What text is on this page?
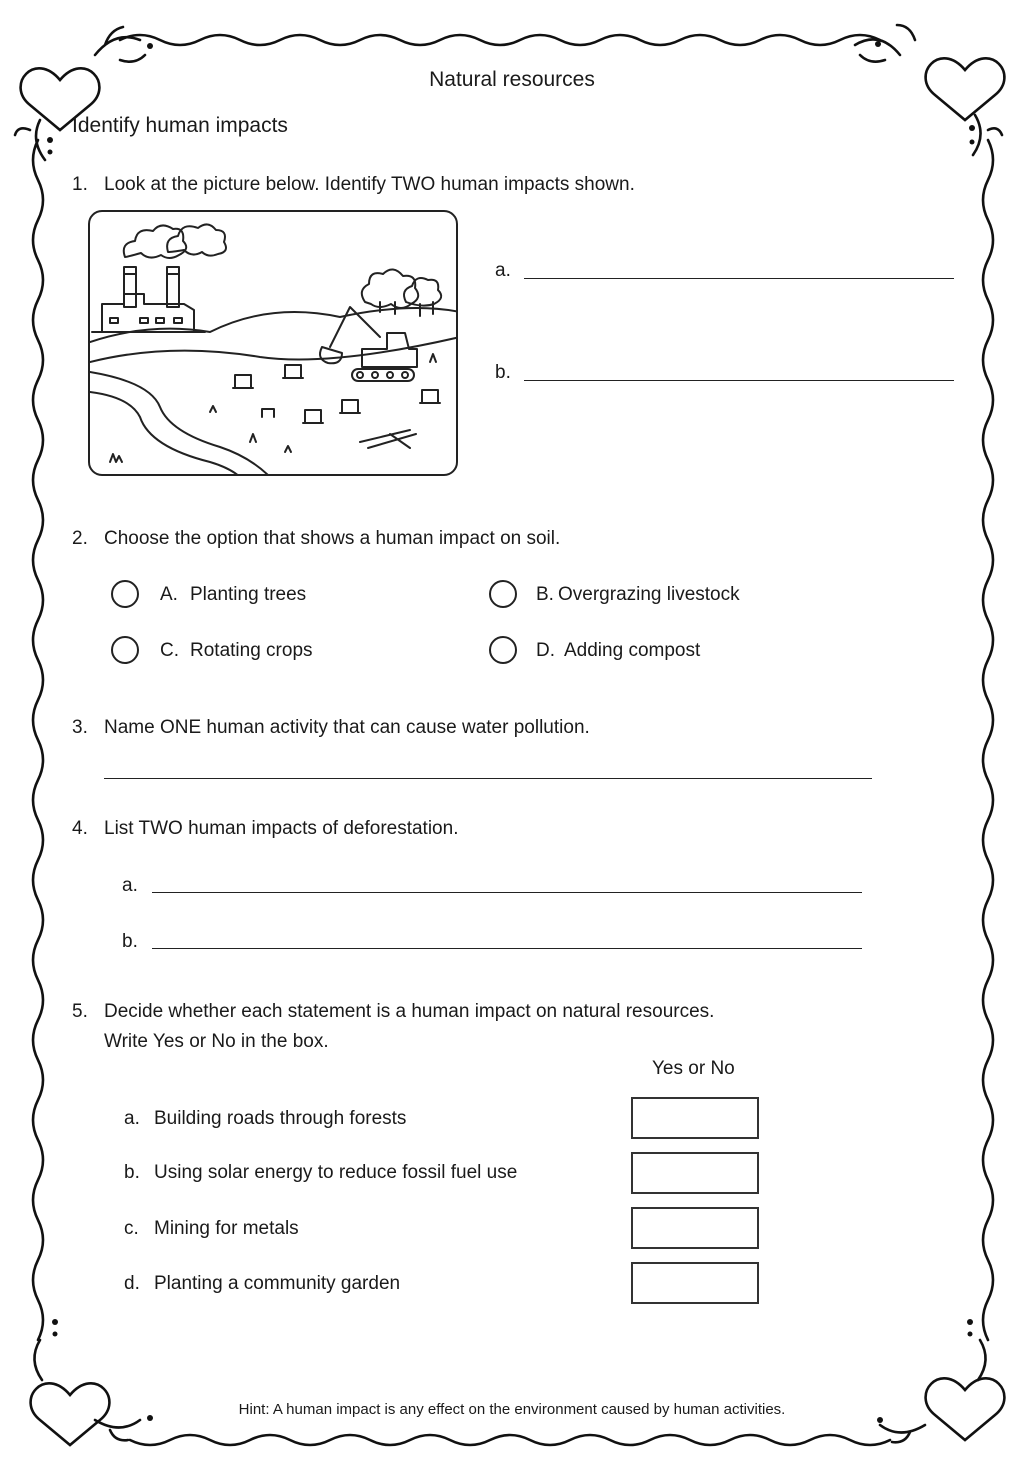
Natural resources
Identify human impacts
1. Look at the picture below. Identify TWO human impacts shown.
a.
b.
2. Choose the option that shows a human impact on soil.
A. Planting trees	B. Overgrazing livestock
C. Rotating crops	D. Adding compost
3. Name ONE human activity that can cause water pollution.
4. List TWO human impacts of deforestation.
a.
b.
5. Decide whether each statement is a human impact on natural resources.
Write Yes or No in the box.
Yes or No
a. Building roads through forests
b. Using solar energy to reduce fossil fuel use
c. Mining for metals
d. Planting a community garden
Hint: A human impact is any effect on the environment caused by human activities.
